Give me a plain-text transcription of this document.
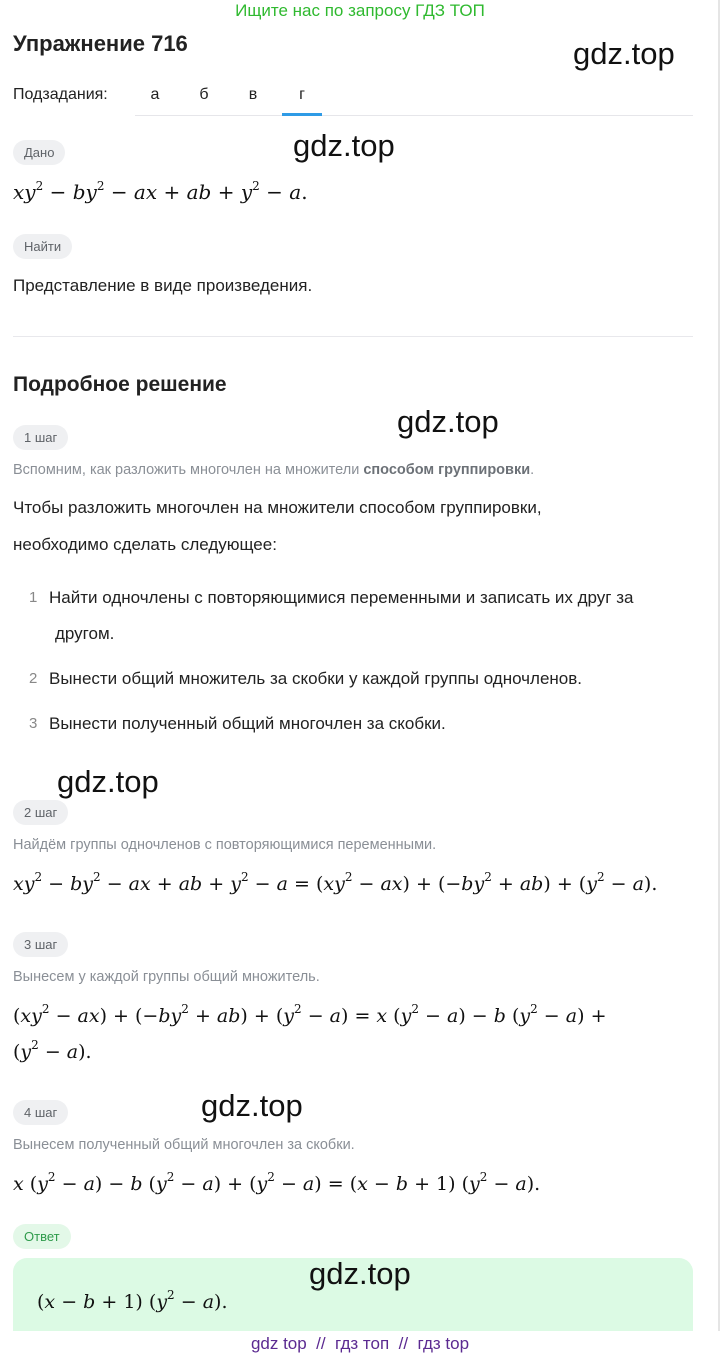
Ищите нас по запросу ГДЗ ТОП
Упражнение 716	gdz.top
Подзадания:	а	б	в	г
Дано	gdz.top
$xy^2 - by^2$ − ax + ab + $y^2 - a$.
Найти
Представление в виде произведения.
Подробное решение
gdz.top
1 шаг
Вспомним, как разложить многочлен на множители способом группировки.
Чтобы разложить многочлен на множители способом группировки,
необходимо сделать следующее:
1 Найти одночлены с повторяющимися переменными и записать их друг за
другом.
2 Вынести общий множитель за скобки у каждой группы одночленов.
3 Вынести полученный общий многочлен за скобки.
gdz.top
2 шаг
Найдём группы одночленов с повторяющимися переменными.
$xy^2 - by^2$ − ax + ab + $y^2 - a = (xy^2 - ax) + (-by^2 + ab) + (y^2 - a)$.
3 шаг
Вынесем у каждой группы общий множитель.
$(xy^2 - ax) + (-by^2 + ab) + (y^2 - a) = x$ $(y^2 - a) - b$ $(y^2 - a)$ +
$(y^2 - a)$.
4 шаг	gdz.top
Вынесем полученный общий многочлен за скобки.
x $(y^2 - a) - b$ $(y^2 - a) + (y^2 - a) = (x - b + 1) (y^2 - a)$.
Ответ
gdz.top
(x − b + 1) $(y^2 - a)$.
gdz top  //  гдз топ  //  гдз top
